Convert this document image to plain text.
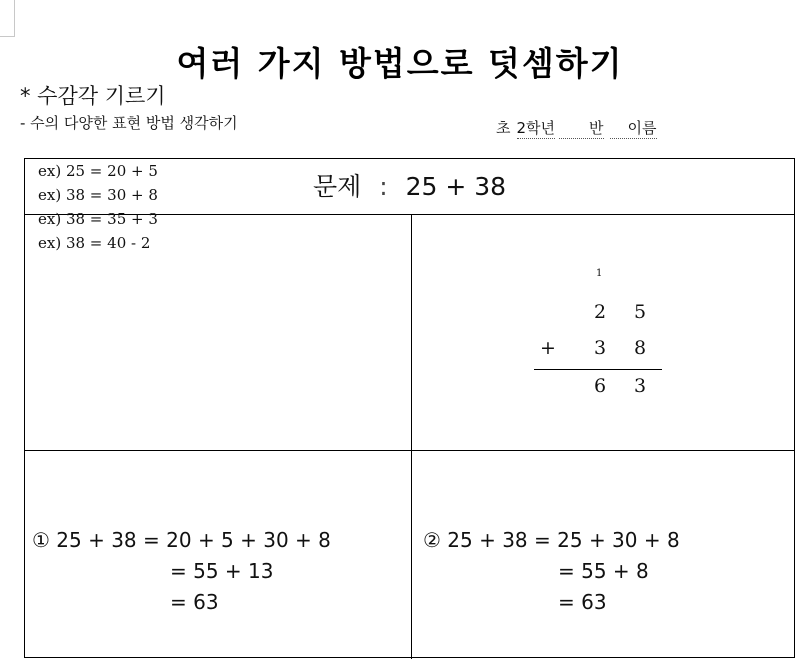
여러 가지 방법으로 덧셈하기
초 2학년 반 이름
문제 : 25 + 38
* 수감각 기르기
- 수의 다양한 표현 방법 생각하기
ex) 25 = 20 + 5
ex) 38 = 30 + 8
ex) 38 = 35 + 3
ex) 38 = 40 - 2
1
2 5
+ 3 8
6 3
① 25 + 38 = 20 + 5 + 30 + 8
= 55 + 13
= 63
② 25 + 38 = 25 + 30 + 8
= 55 + 8
= 63
